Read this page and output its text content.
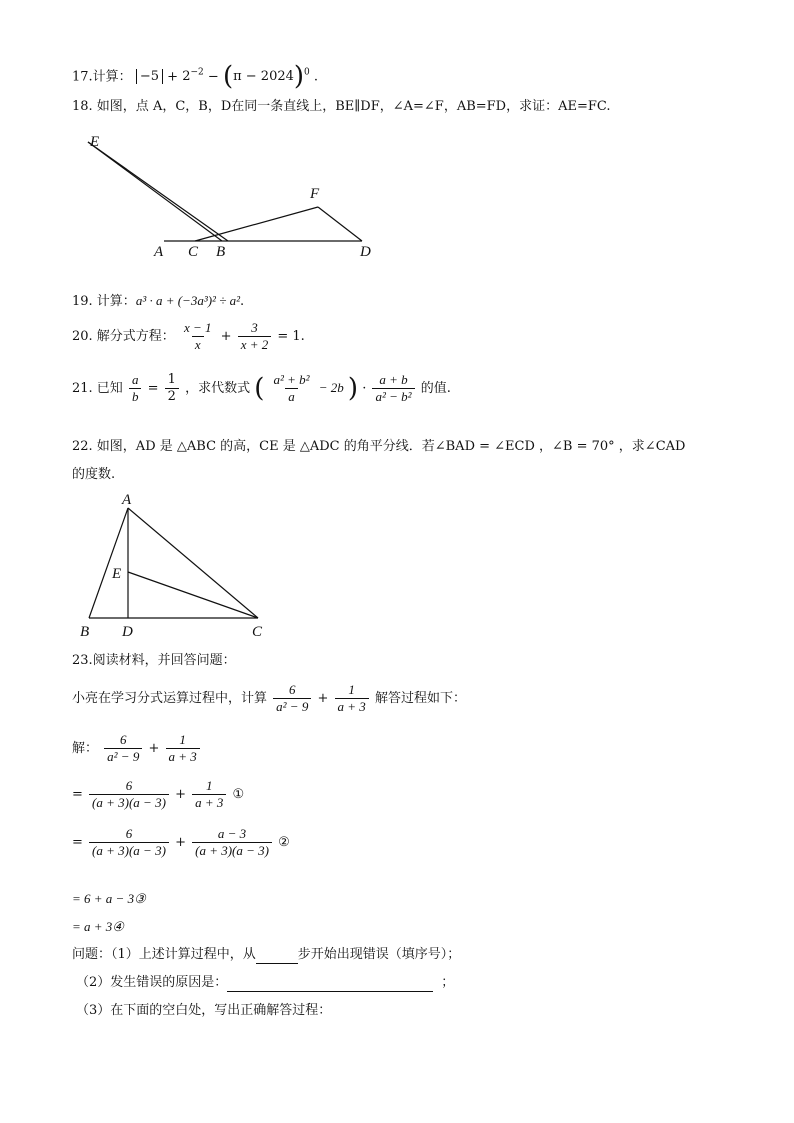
17.计算： $-5 + 2^{-2} - (\pi - 2024)^0$ .
18. 如图，点 A，C，B，D在同一条直线上，BE∥DF，∠A=∠F，AB=FD，求证：AE=FC.
E
F
A C B	D
19. 计算：a³ · a + (−3a³)² ÷ a².
20. 解分式方程： $\frac{x - 1}{x} + \frac{3}{x + 2} = 1$.
21. 已知 $\frac{a}{b} = \frac{1}{2}$ ，求代数式 ( $\frac{\text{a² + b²}}{a} - 2b$ ) · $\frac{a + b}{\text{a² − b²}}$ 的值.
22. 如图，AD 是 △ABC 的高，CE 是 △ADC 的角平分线．若∠BAD = ∠ECD ，∠B = 70° ，求∠CAD
的度数.
A
E
B D	C
23.阅读材料，并回答问题：
小亮在学习分式运算过程中，计算 $\frac{6}{\text{a² − 9}} + \frac{1}{a + 3}$ 解答过程如下：
解： $\frac{6}{\text{a² − 9}} + \frac{1}{a + 3}$
= $\frac{6}{(a + 3)(a - 3)} + \frac{1}{a + 3}$ ①
= $\frac{6}{(a + 3)(a - 3)} + \frac{a - 3}{(a + 3)(a - 3)}$ ②
= 6 + a − 3③
= a + 3④
问题：（1）上述计算过程中，从	步开始出现错误（填序号）；
（2）发生错误的原因是：	；
（3）在下面的空白处，写出正确解答过程：
